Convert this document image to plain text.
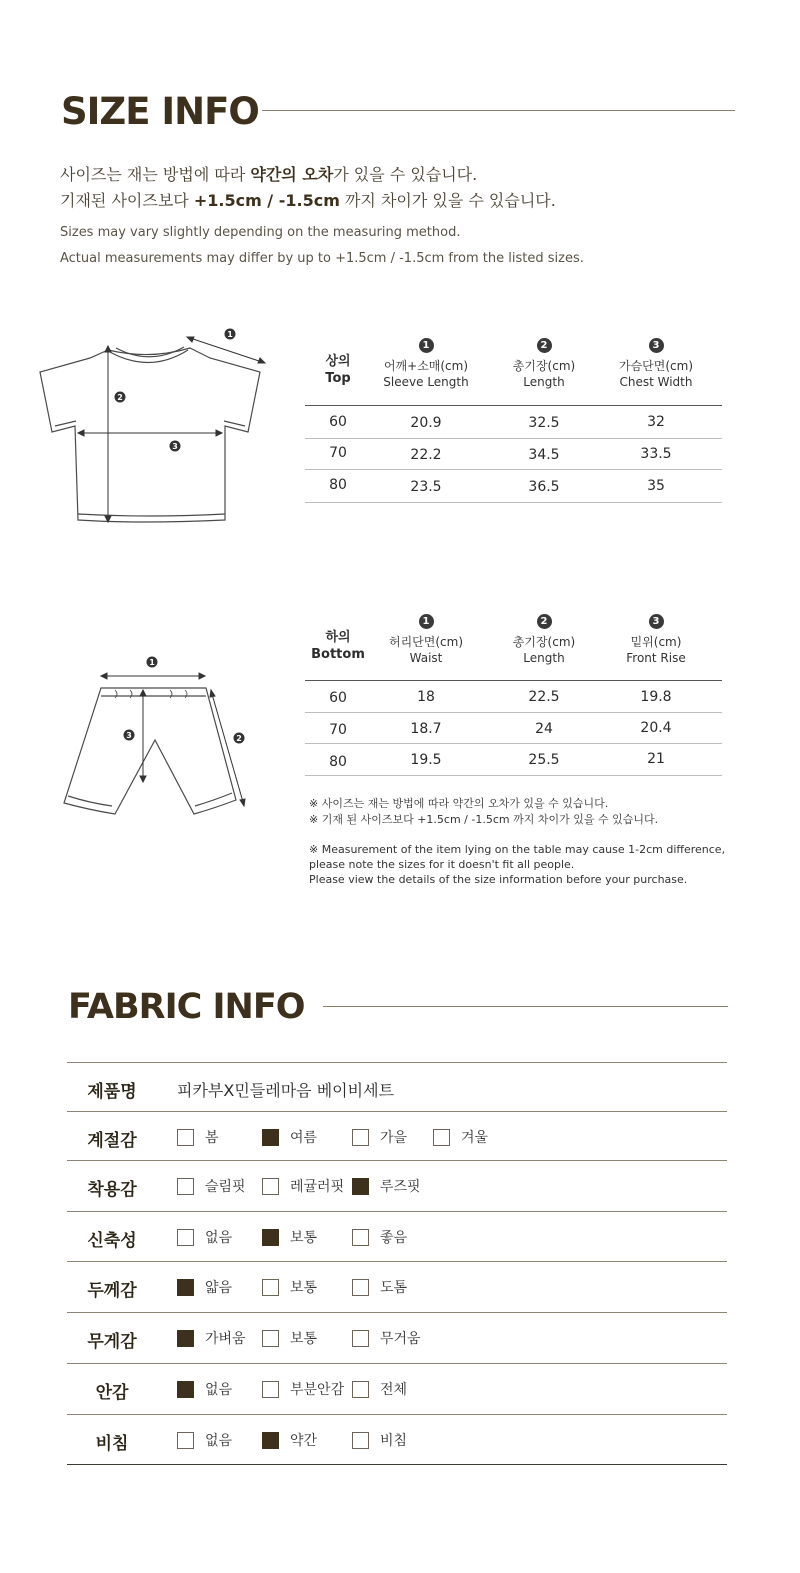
SIZE INFO
사이즈는 재는 방법에 따라 약간의 오차가 있을 수 있습니다.
기재된 사이즈보다 +1.5cm / -1.5cm 까지 차이가 있을 수 있습니다.
Sizes may vary slightly depending on the measuring method.
Actual measurements may differ by up to +1.5cm / -1.5cm from the listed sizes.
1
2
3
상의
Top
1
어깨+소매(cm)
Sleeve Length
2
총기장(cm)
Length
3
가슴단면(cm)
Chest Width
60	20.9	32.5	32
70	22.2	34.5	33.5
80	23.5	36.5	35
1
3	2
하의
Bottom
1
허리단면(cm)
Waist
2
총기장(cm)
Length
3
밑위(cm)
Front Rise
60	18	22.5	19.8
70	18.7	24	20.4
80	19.5	25.5	21
※ 사이즈는 재는 방법에 따라 약간의 오차가 있을 수 있습니다.
※ 기재 된 사이즈보다 +1.5cm / -1.5cm 까지 차이가 있을 수 있습니다.
※ Measurement of the item lying on the table may cause 1-2cm difference,
please note the sizes for it doesn't fit all people.
Please view the details of the size information before your purchase.
FABRIC INFO
제품명	피카부X민들레마음 베이비세트
계절감	봄	여름	가을	겨울
착용감	슬림핏	레귤러핏	루즈핏
신축성	없음	보통	좋음
두께감	얇음	보통	도톰
무게감	가벼움	보통	무거움
안감	없음	부분안감	전체
비침	없음	약간	비침
